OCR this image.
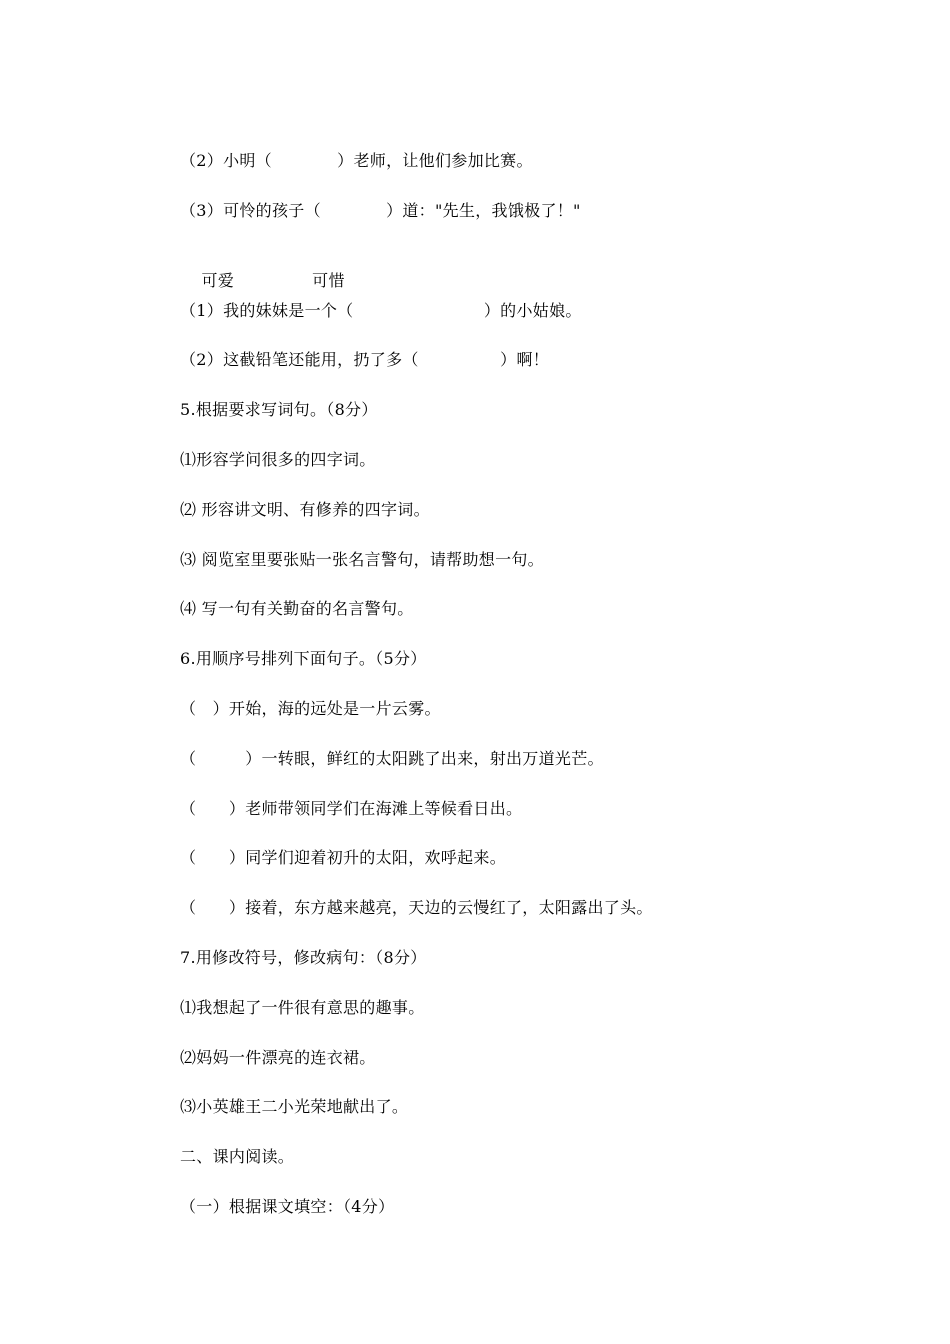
（2）小明（　　　　）老师，让他们参加比赛。
（3）可怜的孩子（　　　　）道："先生，我饿极了！"

可爱	可惜

（1）我的妹妹是一个（　　　　　　　　）的小姑娘。
（2）这截铅笔还能用，扔了多（　　　　　）啊！
5.根据要求写词句。（8分）
⑴形容学问很多的四字词。
⑵ 形容讲文明、有修养的四字词。
⑶ 阅览室里要张贴一张名言警句，请帮助想一句。
⑷ 写一句有关勤奋的名言警句。
6.用顺序号排列下面句子。（5分）
（　）开始，海的远处是一片云雾。
（　　　）一转眼，鲜红的太阳跳了出来，射出万道光芒。
（　　）老师带领同学们在海滩上等候看日出。
（　　）同学们迎着初升的太阳，欢呼起来。
（　　）接着，东方越来越亮，天边的云慢红了，太阳露出了头。
7.用修改符号，修改病句：（8分）
⑴我想起了一件很有意思的趣事。
⑵妈妈一件漂亮的连衣裙。
⑶小英雄王二小光荣地献出了。
二、课内阅读。
（一）根据课文填空：（4分）
